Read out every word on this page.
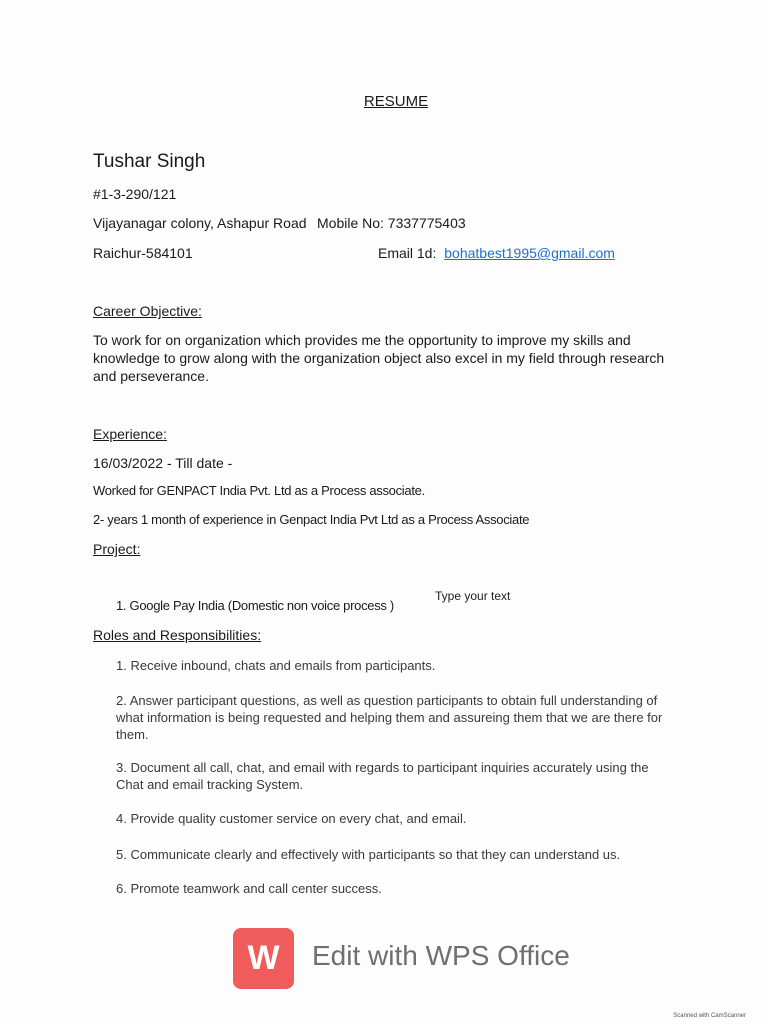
RESUME
Tushar Singh
#1-3-290/121
Vijayanagar colony, Ashapur Road Mobile No: 7337775403
Raichur-584101	Email 1d: bohatbest1995@gmail.com
Career Objective:
To work for on organization which provides me the opportunity to improve my skills and knowledge to grow along with the organization object also excel in my field through research and perseverance.
Experience:
16/03/2022 - Till date -
Worked for GENPACT India Pvt. Ltd as a Process associate.
2- years 1 month of experience in Genpact India Pvt Ltd as a Process Associate
Project:
1. Google Pay India (Domestic non voice process )
Type your text
Roles and Responsibilities:
1. Receive inbound, chats and emails from participants.
2. Answer participant questions, as well as question participants to obtain full understanding of what information is being requested and helping them and assureing them that we are there for them.
3. Document all call, chat, and email with regards to participant inquiries accurately using the Chat and email tracking System.
4. Provide quality customer service on every chat, and email.
5. Communicate clearly and effectively with participants so that they can understand us.
6. Promote teamwork and call center success.
W	Edit with WPS Office
Scanned with CamScanner
